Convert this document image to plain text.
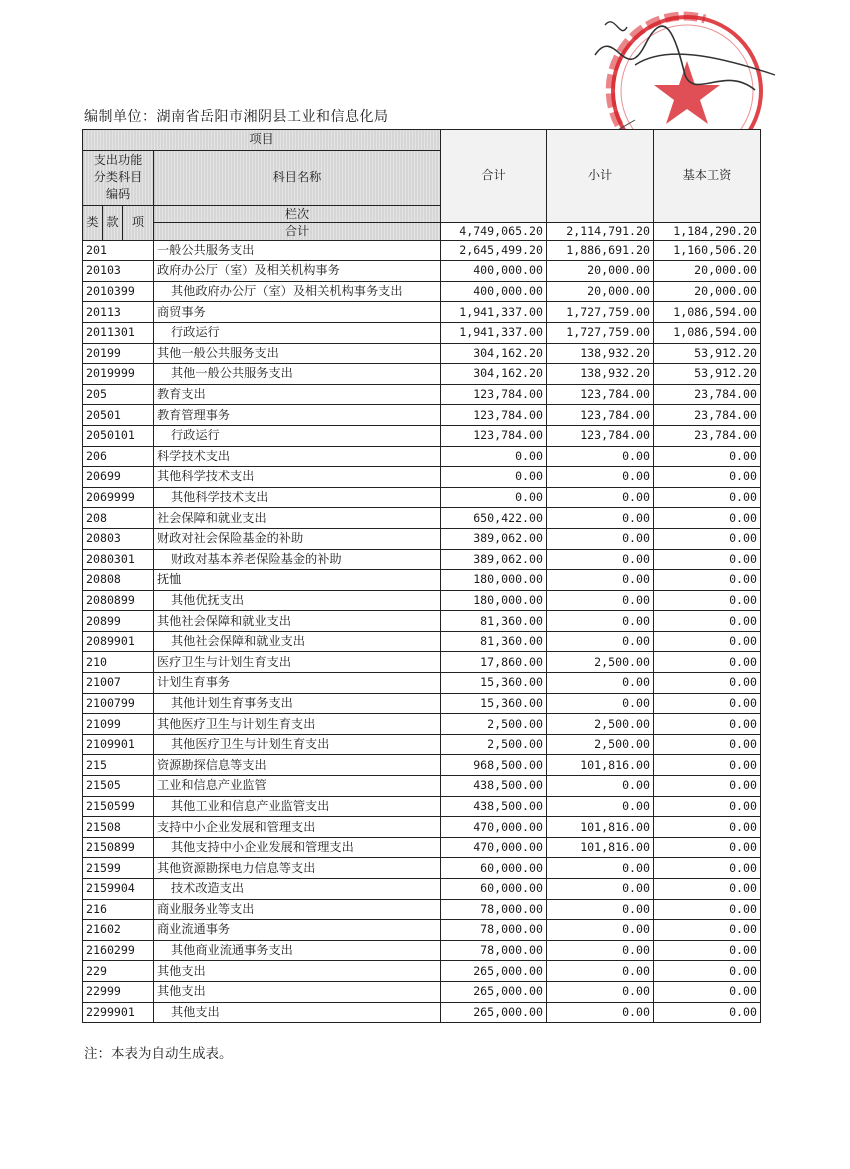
编制单位：湖南省岳阳市湘阴县工业和信息化局
项目				合计	小计	基本工资	
支出功能分类科目编码			科目名称				
类	款	项	栏次			
			合计	4,749,065.20	2,114,791.20	1,184,290.20	
201			一般公共服务支出	2,645,499.20	1,886,691.20	1,160,506.20	
20103			政府办公厅（室）及相关机构事务	400,000.00	20,000.00	20,000.00	
2010399			其他政府办公厅（室）及相关机构事务支出	400,000.00	20,000.00	20,000.00	
20113			商贸事务	1,941,337.00	1,727,759.00	1,086,594.00	
2011301			行政运行	1,941,337.00	1,727,759.00	1,086,594.00	
20199			其他一般公共服务支出	304,162.20	138,932.20	53,912.20	
2019999			其他一般公共服务支出	304,162.20	138,932.20	53,912.20	
205			教育支出	123,784.00	123,784.00	23,784.00	
20501			教育管理事务	123,784.00	123,784.00	23,784.00	
2050101			行政运行	123,784.00	123,784.00	23,784.00	
206			科学技术支出	0.00	0.00	0.00	
20699			其他科学技术支出	0.00	0.00	0.00	
2069999			其他科学技术支出	0.00	0.00	0.00	
208			社会保障和就业支出	650,422.00	0.00	0.00	
20803			财政对社会保险基金的补助	389,062.00	0.00	0.00	
2080301			财政对基本养老保险基金的补助	389,062.00	0.00	0.00	
20808			抚恤	180,000.00	0.00	0.00	
2080899			其他优抚支出	180,000.00	0.00	0.00	
20899			其他社会保障和就业支出	81,360.00	0.00	0.00	
2089901			其他社会保障和就业支出	81,360.00	0.00	0.00	
210			医疗卫生与计划生育支出	17,860.00	2,500.00	0.00	
21007			计划生育事务	15,360.00	0.00	0.00	
2100799			其他计划生育事务支出	15,360.00	0.00	0.00	
21099			其他医疗卫生与计划生育支出	2,500.00	2,500.00	0.00	
2109901			其他医疗卫生与计划生育支出	2,500.00	2,500.00	0.00	
215			资源勘探信息等支出	968,500.00	101,816.00	0.00	
21505			工业和信息产业监管	438,500.00	0.00	0.00	
2150599			其他工业和信息产业监管支出	438,500.00	0.00	0.00	
21508			支持中小企业发展和管理支出	470,000.00	101,816.00	0.00	
2150899			其他支持中小企业发展和管理支出	470,000.00	101,816.00	0.00	
21599			其他资源勘探电力信息等支出	60,000.00	0.00	0.00	
2159904			技术改造支出	60,000.00	0.00	0.00	
216			商业服务业等支出	78,000.00	0.00	0.00	
21602			商业流通事务	78,000.00	0.00	0.00	
2160299			其他商业流通事务支出	78,000.00	0.00	0.00	
229			其他支出	265,000.00	0.00	0.00	
22999			其他支出	265,000.00	0.00	0.00	
2299901			其他支出	265,000.00	0.00	0.00	
注：本表为自动生成表。
